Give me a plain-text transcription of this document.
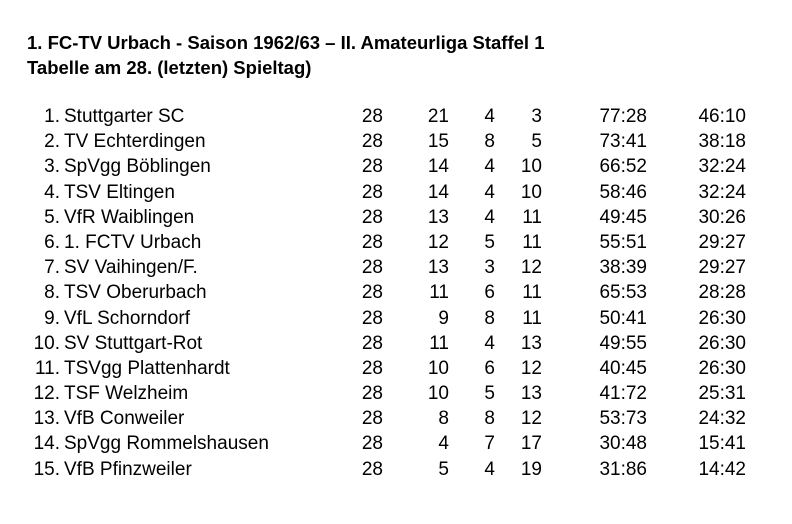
1. FC-TV Urbach - Saison 1962/63 – II. Amateurliga Staffel 1
Tabelle am 28. (letzten) Spieltag)
1. Stuttgarter SC	28 21 4 3	77:28	46:10
2. TV Echterdingen	28 15 8 5	73:41	38:18
3. SpVgg Böblingen	28 14 4 10	66:52	32:24
4. TSV Eltingen	28 14 4 10	58:46	32:24
5. VfR Waiblingen	28 13 4 11	49:45	30:26
6. 1. FCTV Urbach	28 12 5 11	55:51	29:27
7. SV Vaihingen/F.	28 13 3 12	38:39	29:27
8. TSV Oberurbach	28 11 6 11	65:53	28:28
9. VfL Schorndorf	28	9 8 11	50:41	26:30
10. SV Stuttgart-Rot	28 11 4 13	49:55	26:30
11. TSVgg Plattenhardt	28 10 6 12	40:45	26:30
12. TSF Welzheim	28 10 5 13	41:72	25:31
13. VfB Conweiler	28	8 8 12	53:73	24:32
14. SpVgg Rommelshausen	28	4 7 17	30:48	15:41
15. VfB Pfinzweiler	28	5 4 19	31:86	14:42
